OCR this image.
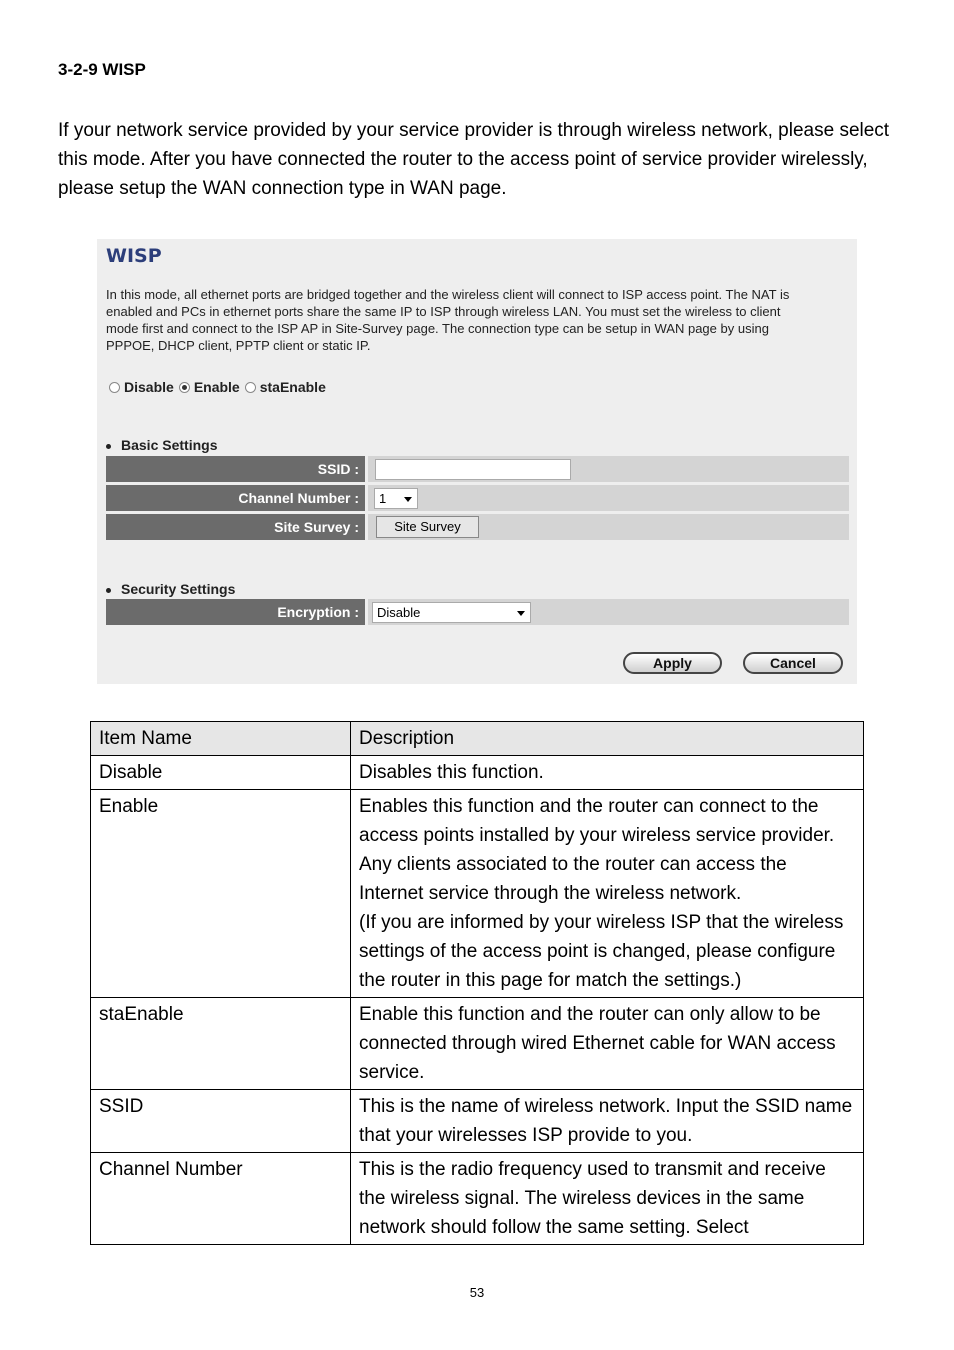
3-2-9 WISP
If your network service provided by your service provider is through wireless network, please select this mode. After you have connected the router to the access point of service provider wirelessly, please setup the WAN connection type in WAN page.
WISP
In this mode, all ethernet ports are bridged together and the wireless client will connect to ISP access point. The NAT is enabled and PCs in ethernet ports share the same IP to ISP through wireless LAN. You must set the wireless to client mode first and connect to the ISP AP in Site-Survey page. The connection type can be setup in WAN page by using PPPOE, DHCP client, PPTP client or static IP.
Disable Enable staEnable
Basic Settings
SSID :
Channel Number :	1
Site Survey :	Site Survey
Security Settings
Encryption :	Disable
Apply	Cancel
Item Name	Description
Disable	Disables this function.

Enable	Enables this function and the router can connect to the access points installed by your wireless service provider. Any clients associated to the router can access the Internet service through the wireless network.
(If you are informed by your wireless ISP that the wireless settings of the access point is changed, please configure the router in this page for match the settings.)

staEnable	Enable this function and the router can only allow to be connected through wired Ethernet cable for WAN access service.

SSID	This is the name of wireless network. Input the SSID name that your wirelesses ISP provide to you.

Channel Number	This is the radio frequency used to transmit and receive the wireless signal. The wireless devices in the same network should follow the same setting. Select
53
